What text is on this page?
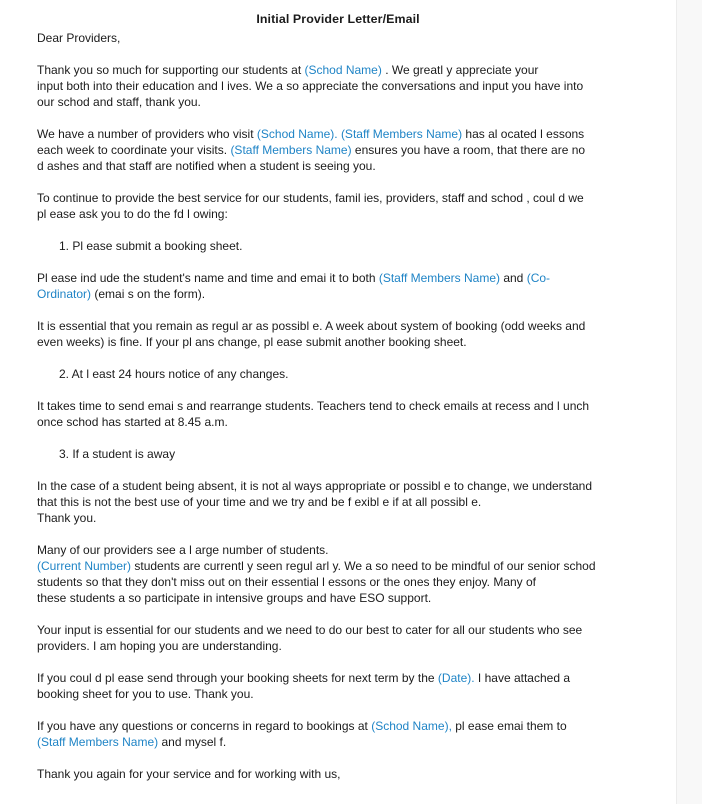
Initial Provider Letter/Email

Dear Providers,

Thank you so much for supporting our students at (Schod Name) . We greatl y appreciate your
input both into their education and l ives. We a so appreciate the conversations and input you have into
our schod and staff, thank you.

We have a number of providers who visit (Schod Name). (Staff Members Name) has al ocated l essons
each week to coordinate your visits. (Staff Members Name) ensures you have a room, that there are no
d ashes and that staff are notified when a student is seeing you.

To continue to provide the best service for our students, famil ies, providers, staff and schod , coul d we
pl ease ask you to do the fd l owing:

1. Pl ease submit a booking sheet.

Pl ease ind ude the student's name and time and emai it to both (Staff Members Name) and (Co-
Ordinator) (emai s on the form).

It is essential that you remain as regul ar as possibl e. A week about system of booking (odd weeks and
even weeks) is fine. If your pl ans change, pl ease submit another booking sheet.

2. At l east 24 hours notice of any changes.

It takes time to send emai s and rearrange students. Teachers tend to check emails at recess and l unch
once schod has started at 8.45 a.m.

3. If a student is away

In the case of a student being absent, it is not al ways appropriate or possibl e to change, we understand
that this is not the best use of your time and we try and be f exibl e if at all possibl e.
Thank you.

Many of our providers see a l arge number of students.
(Current Number) students are currentl y seen regul arl y. We a so need to be mindful of our senior schod
students so that they don't miss out on their essential l essons or the ones they enjoy. Many of
these students a so participate in intensive groups and have ESO support.

Your input is essential for our students and we need to do our best to cater for all our students who see
providers. I am hoping you are understanding.

If you coul d pl ease send through your booking sheets for next term by the (Date). I have attached a
booking sheet for you to use. Thank you.

If you have any questions or concerns in regard to bookings at (Schod Name), pl ease emai them to
(Staff Members Name) and mysel f.

Thank you again for your service and for working with us,
